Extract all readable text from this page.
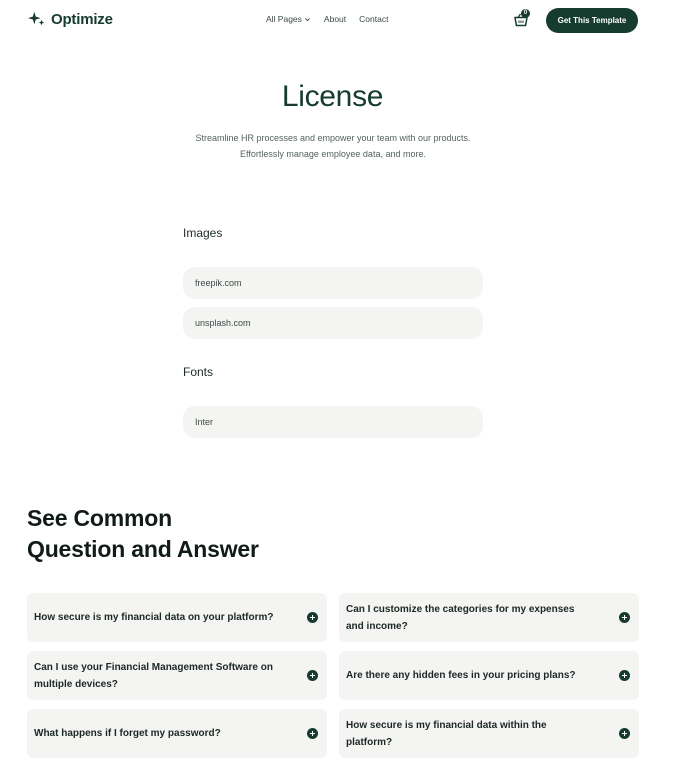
Optimize	All Pages	About Contact
0
Get This Template
License
Streamline HR processes and empower your team with our products.
Effortlessly manage employee data, and more.
Images
freepik.com
unsplash.com
Fonts
Inter
See Common
Question and Answer
How secure is my financial data on your platform?
Can I customize the categories for my expenses and income?
Can I use your Financial Management Software on multiple devices?
Are there any hidden fees in your pricing plans?
What happens if I forget my password?
How secure is my financial data within the platform?
